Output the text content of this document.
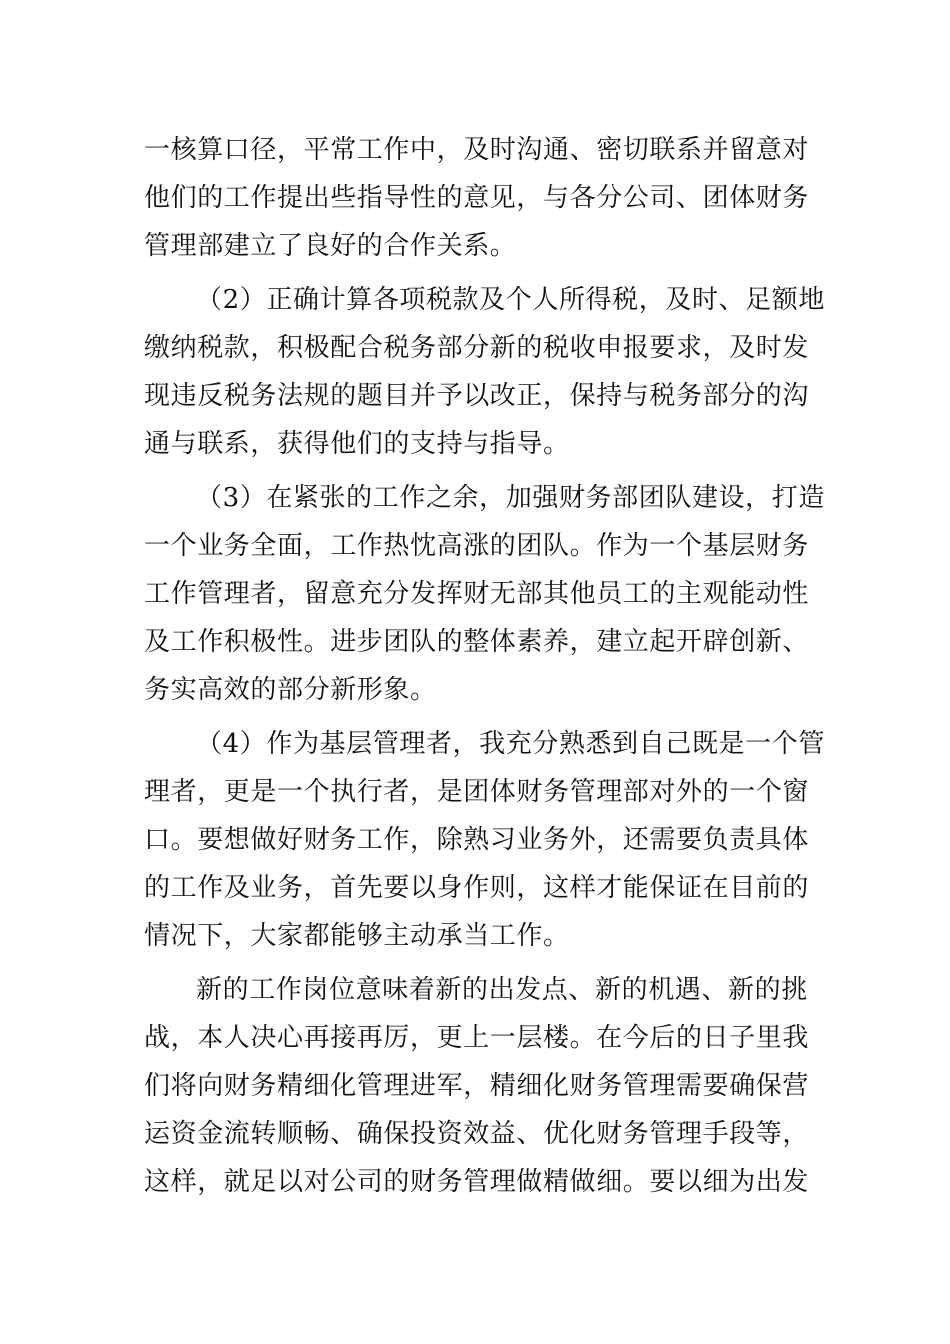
一核算口径，平常工作中，及时沟通、密切联系并留意对
他们的工作提出些指导性的意见，与各分公司、团体财务
管理部建立了良好的合作关系。
（2）正确计算各项税款及个人所得税，及时、足额地
缴纳税款，积极配合税务部分新的税收申报要求，及时发
现违反税务法规的题目并予以改正，保持与税务部分的沟
通与联系，获得他们的支持与指导。
（3）在紧张的工作之余，加强财务部团队建设，打造
一个业务全面，工作热忱高涨的团队。作为一个基层财务
工作管理者，留意充分发挥财无部其他员工的主观能动性
及工作积极性。进步团队的整体素养，建立起开辟创新、
务实高效的部分新形象。
（4）作为基层管理者，我充分熟悉到自己既是一个管
理者，更是一个执行者，是团体财务管理部对外的一个窗
口。要想做好财务工作，除熟习业务外，还需要负责具体
的工作及业务，首先要以身作则，这样才能保证在目前的
情况下，大家都能够主动承当工作。
新的工作岗位意味着新的出发点、新的机遇、新的挑
战，本人决心再接再厉，更上一层楼。在今后的日子里我
们将向财务精细化管理进军，精细化财务管理需要确保营
运资金流转顺畅、确保投资效益、优化财务管理手段等，
这样，就足以对公司的财务管理做精做细。要以细为出发
